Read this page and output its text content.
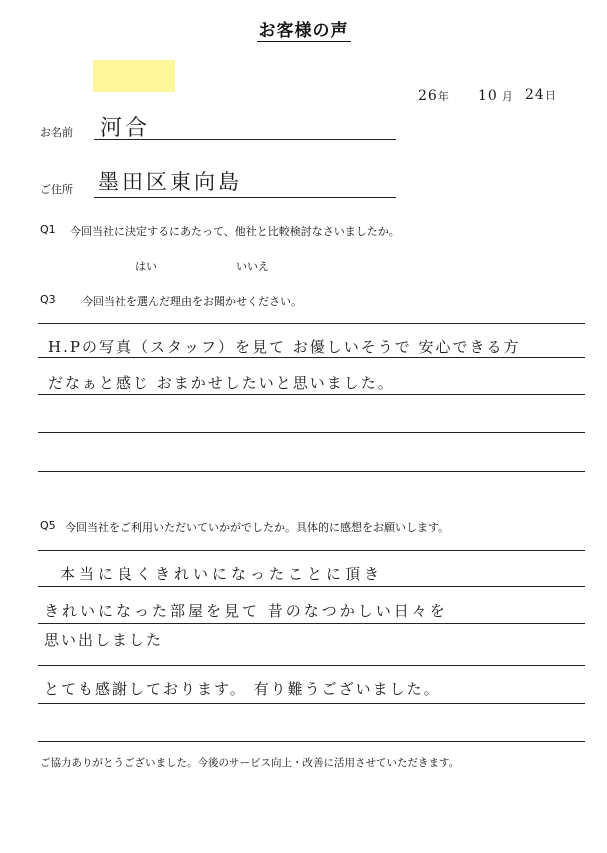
お客様の声
26年 10 月 24日
お名前 河合
ご住所 墨田区東向島
Q1 今回当社に決定するにあたって、他社と比較検討なさいましたか。
はい	いいえ
Q3 今回当社を選んだ理由をお聞かせください。
H.Pの写真（スタッフ）を見て お優しいそうで 安心できる方
だなぁと感じ おまかせしたいと思いました。
Q5 今回当社をご利用いただいていかがでしたか。具体的に感想をお願いします。
本当に良くきれいになったことに頂き
きれいになった部屋を見て 昔のなつかしい日々を
思い出しました
とても感謝しております。 有り難うございました。
ご協力ありがとうございました。今後のサービス向上・改善に活用させていただきます。
